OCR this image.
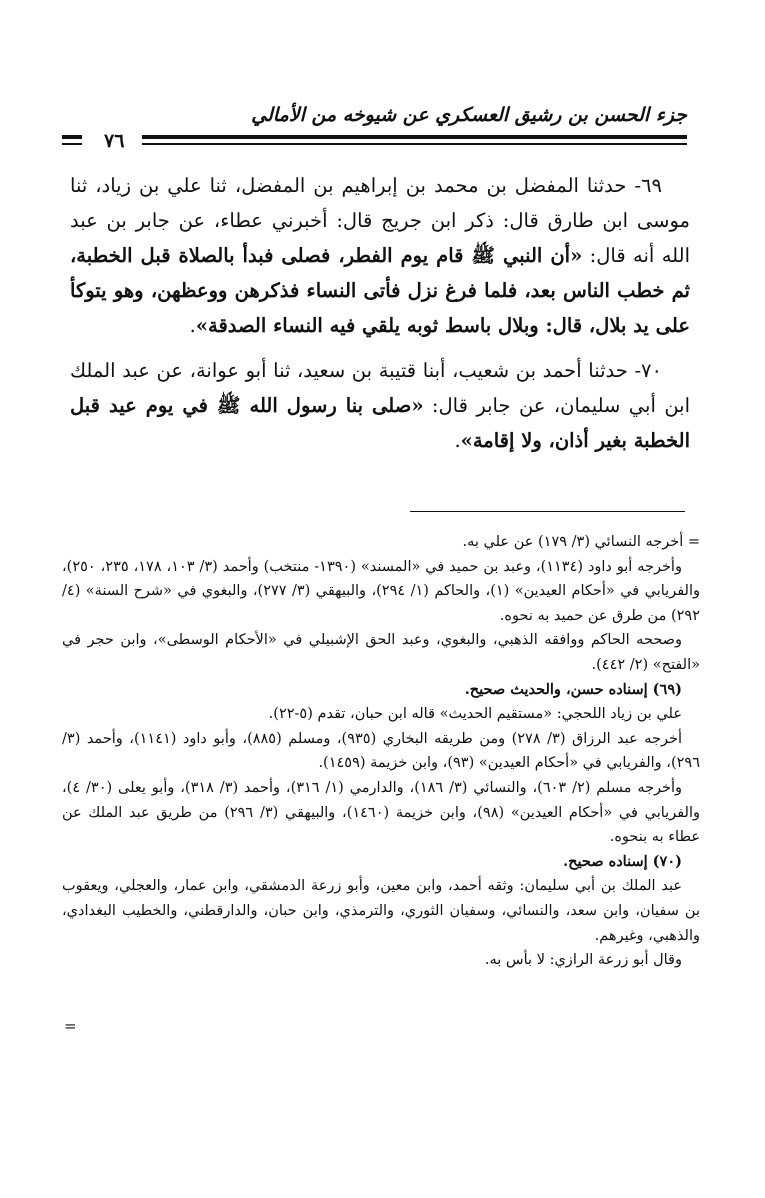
جزء الحسن بن رشيق العسكري عن شيوخه من الأمالي
٧٦

٦٩- حدثنا المفضل بن محمد بن إبراهيم بن المفضل، ثنا علي بن زياد، ثنا موسى ابن طارق قال: ذكر ابن جريج قال: أخبرني عطاء، عن جابر بن عبد الله أنه قال: «أن النبي ﷺ قام يوم الفطر، فصلى فبدأ بالصلاة قبل الخطبة، ثم خطب الناس بعد، فلما فرغ نزل فأتى النساء فذكرهن ووعظهن، وهو يتوكأ على يد بلال، قال: وبلال باسط ثوبه يلقي فيه النساء الصدقة».

٧٠- حدثنا أحمد بن شعيب، أبنا قتيبة بن سعيد، ثنا أبو عوانة، عن عبد الملك ابن أبي سليمان، عن جابر قال: «صلى بنا رسول الله ﷺ في يوم عيد قبل الخطبة بغير أذان، ولا إقامة».

= أخرجه النسائي (٣/ ١٧٩) عن علي به.

وأخرجه أبو داود (١١٣٤)، وعبد بن حميد في «المسند» (١٣٩٠- منتخب) وأحمد (٣/ ١٠٣، ١٧٨، ٢٣٥، ٢٥٠)، والفريابي في «أحكام العيدين» (١)، والحاكم (١/ ٢٩٤)، والبيهقي (٣/ ٢٧٧)، والبغوي في «شرح السنة» (٤/ ٢٩٢) من طرق عن حميد به نحوه.

وصححه الحاكم ووافقه الذهبي، والبغوي، وعبد الحق الإشبيلي في «الأحكام الوسطى»، وابن حجر في «الفتح» (٢/ ٤٤٢).

(٦٩) إسناده حسن، والحديث صحيح.

علي بن زياد اللحجي: «مستقيم الحديث» قاله ابن حبان، تقدم (٥-٢٢).

أخرجه عبد الرزاق (٣/ ٢٧٨) ومن طريقه البخاري (٩٣٥)، ومسلم (٨٨٥)، وأبو داود (١١٤١)، وأحمد (٣/ ٢٩٦)، والفريابي في «أحكام العيدين» (٩٣)، وابن خزيمة (١٤٥٩).

وأخرجه مسلم (٢/ ٦٠٣)، والنسائي (٣/ ١٨٦)، والدارمي (١/ ٣١٦)، وأحمد (٣/ ٣١٨)، وأبو يعلى (٣٠/ ٤)، والفريابي في «أحكام العيدين» (٩٨)، وابن خزيمة (١٤٦٠)، والبيهقي (٣/ ٢٩٦) من طريق عبد الملك عن عطاء به بنحوه.

(٧٠) إسناده صحيح.

عبد الملك بن أبي سليمان: وثقه أحمد، وابن معين، وأبو زرعة الدمشقي، وابن عمار، والعجلي، ويعقوب بن سفيان، وابن سعد، والنسائي، وسفيان الثوري، والترمذي، وابن حبان، والدارقطني، والخطيب البغدادي، والذهبي، وغيرهم.

وقال أبو زرعة الرازي: لا بأس به.

=
